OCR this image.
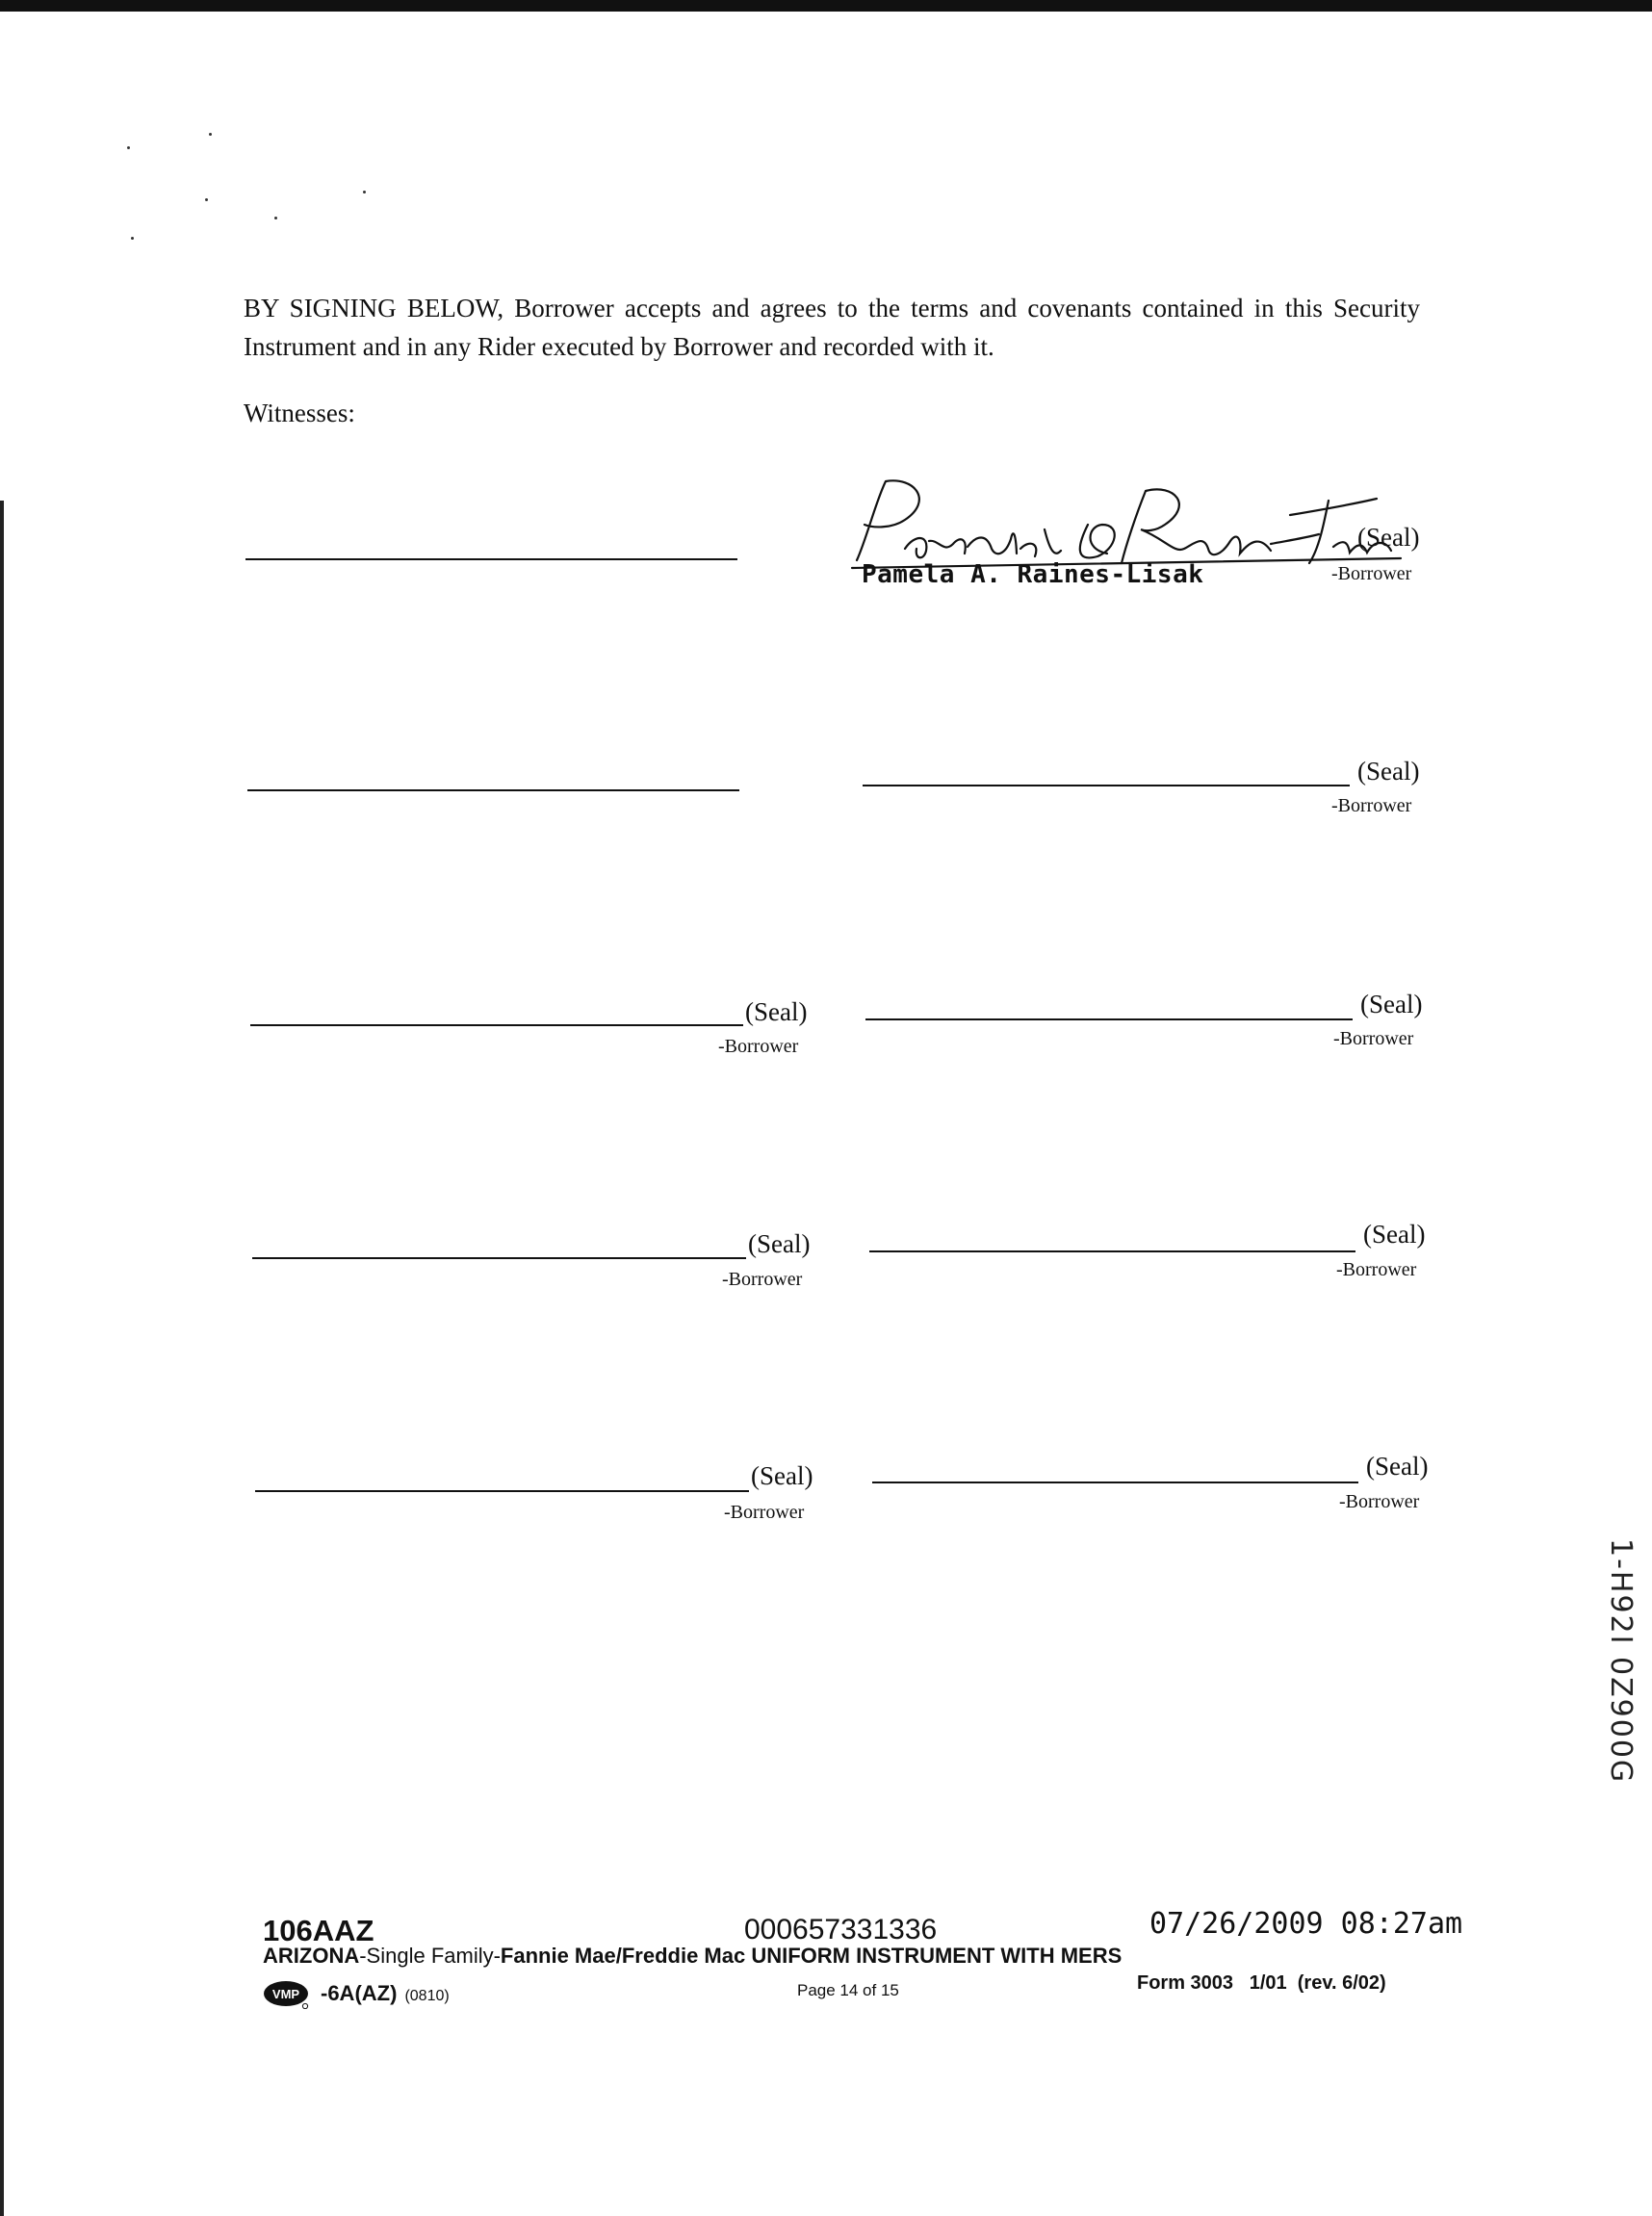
BY SIGNING BELOW, Borrower accepts and agrees to the terms and covenants contained in this Security Instrument and in any Rider executed by Borrower and recorded with it.
Witnesses:
Pamela A. Raines-Lisak
(Seal)
Pamela A. Raines-Lisak	-Borrower
(Seal)
-Borrower
(Seal)
-Borrower
(Seal)
-Borrower
(Seal)
-Borrower
(Seal)
-Borrower
(Seal)
-Borrower
(Seal)
-Borrower
106AAZ	000657331336	07/26/2009 08:27am
ARIZONA-Single Family-Fannie Mae/Freddie Mac UNIFORM INSTRUMENT WITH MERS
VMP -6A(AZ) (0810)	Page 14 of 15	Form 3003   1/01  (rev. 6/02)
1-H92I 0Z900G
